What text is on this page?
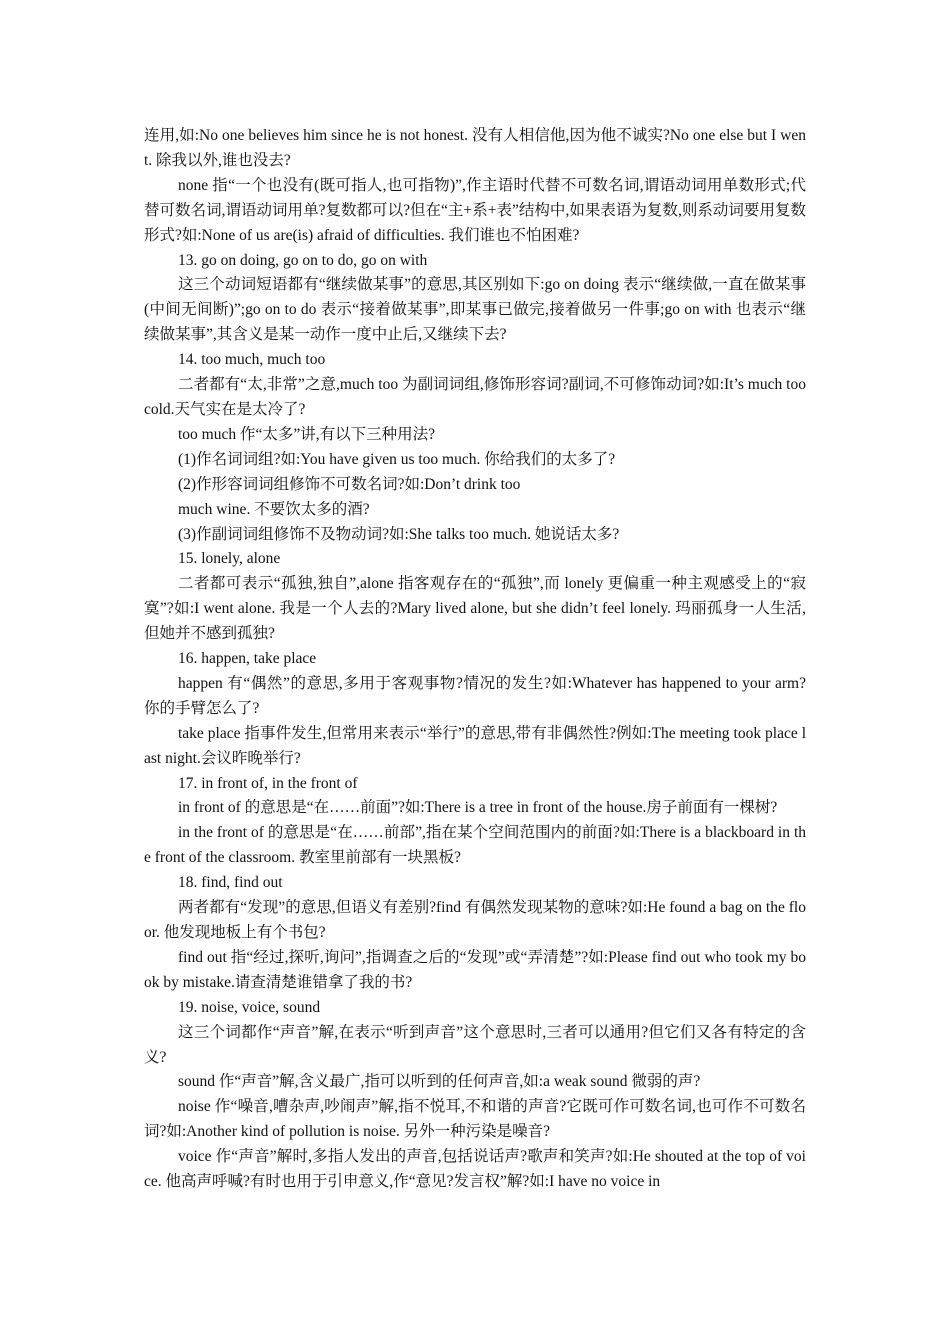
连用,如:No one believes him since he is not honest. 没有人相信他,因为他不诚实?No one else but I went. 除我以外,谁也没去?

none 指“一个也没有(既可指人,也可指物)”,作主语时代替不可数名词,谓语动词用单数形式;代替可数名词,谓语动词用单?复数都可以?但在“主+系+表”结构中,如果表语为复数,则系动词要用复数形式?如:None of us are(is) afraid of difficulties. 我们谁也不怕困难?

13. go on doing, go on to do, go on with

这三个动词短语都有“继续做某事”的意思,其区别如下:go on doing 表示“继续做,一直在做某事(中间无间断)”;go on to do 表示“接着做某事”,即某事已做完,接着做另一件事;go on with 也表示“继续做某事”,其含义是某一动作一度中止后,又继续下去?

14. too much, much too

二者都有“太,非常”之意,much too 为副词词组,修饰形容词?副词,不可修饰动词?如:It’s much too cold.天气实在是太冷了?

too much 作“太多”讲,有以下三种用法?

(1)作名词词组?如:You have given us too much. 你给我们的太多了?

(2)作形容词词组修饰不可数名词?如:Don’t drink too

much wine. 不要饮太多的酒?

(3)作副词词组修饰不及物动词?如:She talks too much. 她说话太多?

15. lonely, alone

二者都可表示“孤独,独自”,alone 指客观存在的“孤独”,而 lonely 更偏重一种主观感受上的“寂寞”?如:I went alone. 我是一个人去的?Mary lived alone, but she didn’t feel lonely. 玛丽孤身一人生活,但她并不感到孤独?

16. happen, take place

happen 有“偶然”的意思,多用于客观事物?情况的发生?如:Whatever has happened to your arm? 你的手臂怎么了?

take place 指事件发生,但常用来表示“举行”的意思,带有非偶然性?例如:The meeting took place last night.会议昨晚举行?

17. in front of, in the front of

in front of 的意思是“在……前面”?如:There is a tree in front of the house.房子前面有一棵树?

in the front of 的意思是“在……前部”,指在某个空间范围内的前面?如:There is a blackboard in the front of the classroom. 教室里前部有一块黑板?

18. find, find out

两者都有“发现”的意思,但语义有差别?find 有偶然发现某物的意味?如:He found a bag on the floor. 他发现地板上有个书包?

find out 指“经过,探听,询问”,指调查之后的“发现”或“弄清楚”?如:Please find out who took my book by mistake.请查清楚谁错拿了我的书?

19. noise, voice, sound

这三个词都作“声音”解,在表示“听到声音”这个意思时,三者可以通用?但它们又各有特定的含义?

sound 作“声音”解,含义最广,指可以听到的任何声音,如:a weak sound 微弱的声?

noise 作“噪音,嘈杂声,吵闹声”解,指不悦耳,不和谐的声音?它既可作可数名词,也可作不可数名词?如:Another kind of pollution is noise. 另外一种污染是噪音?

voice 作“声音”解时,多指人发出的声音,包括说话声?歌声和笑声?如:He shouted at the top of voice. 他高声呼喊?有时也用于引申意义,作“意见?发言权”解?如:I have no voice in
